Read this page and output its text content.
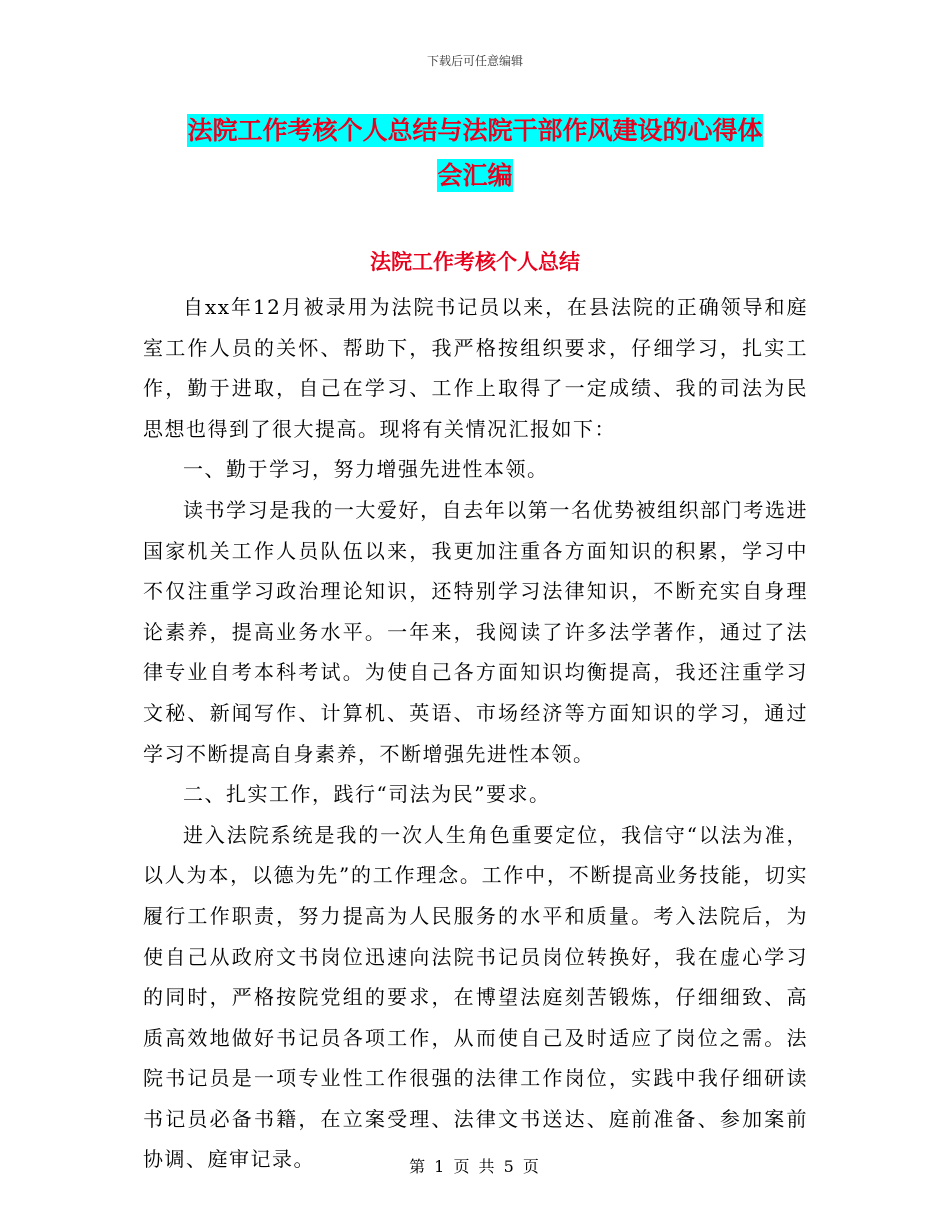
下载后可任意编辑
法院工作考核个人总结与法院干部作风建设的心得体
会汇编
法院工作考核个人总结

自xx年12月被录用为法院书记员以来，在县法院的正确领导和庭室工作人员的关怀、帮助下，我严格按组织要求，仔细学习，扎实工作，勤于进取，自己在学习、工作上取得了一定成绩、我的司法为民思想也得到了很大提高。现将有关情况汇报如下：

一、勤于学习，努力增强先进性本领。

读书学习是我的一大爱好，自去年以第一名优势被组织部门考选进国家机关工作人员队伍以来，我更加注重各方面知识的积累，学习中不仅注重学习政治理论知识，还特别学习法律知识，不断充实自身理论素养，提高业务水平。一年来，我阅读了许多法学著作，通过了法律专业自考本科考试。为使自己各方面知识均衡提高，我还注重学习文秘、新闻写作、计算机、英语、市场经济等方面知识的学习，通过学习不断提高自身素养，不断增强先进性本领。

二、扎实工作，践行“司法为民”要求。

进入法院系统是我的一次人生角色重要定位，我信守“以法为准，以人为本，以德为先”的工作理念。工作中，不断提高业务技能，切实履行工作职责，努力提高为人民服务的水平和质量。考入法院后，为使自己从政府文书岗位迅速向法院书记员岗位转换好，我在虚心学习的同时，严格按院党组的要求，在博望法庭刻苦锻炼，仔细细致、高质高效地做好书记员各项工作，从而使自己及时适应了岗位之需。法院书记员是一项专业性工作很强的法律工作岗位，实践中我仔细研读书记员必备书籍，在立案受理、法律文书送达、庭前准备、参加案前协调、庭审记录。	第 1 页 共 5 页
